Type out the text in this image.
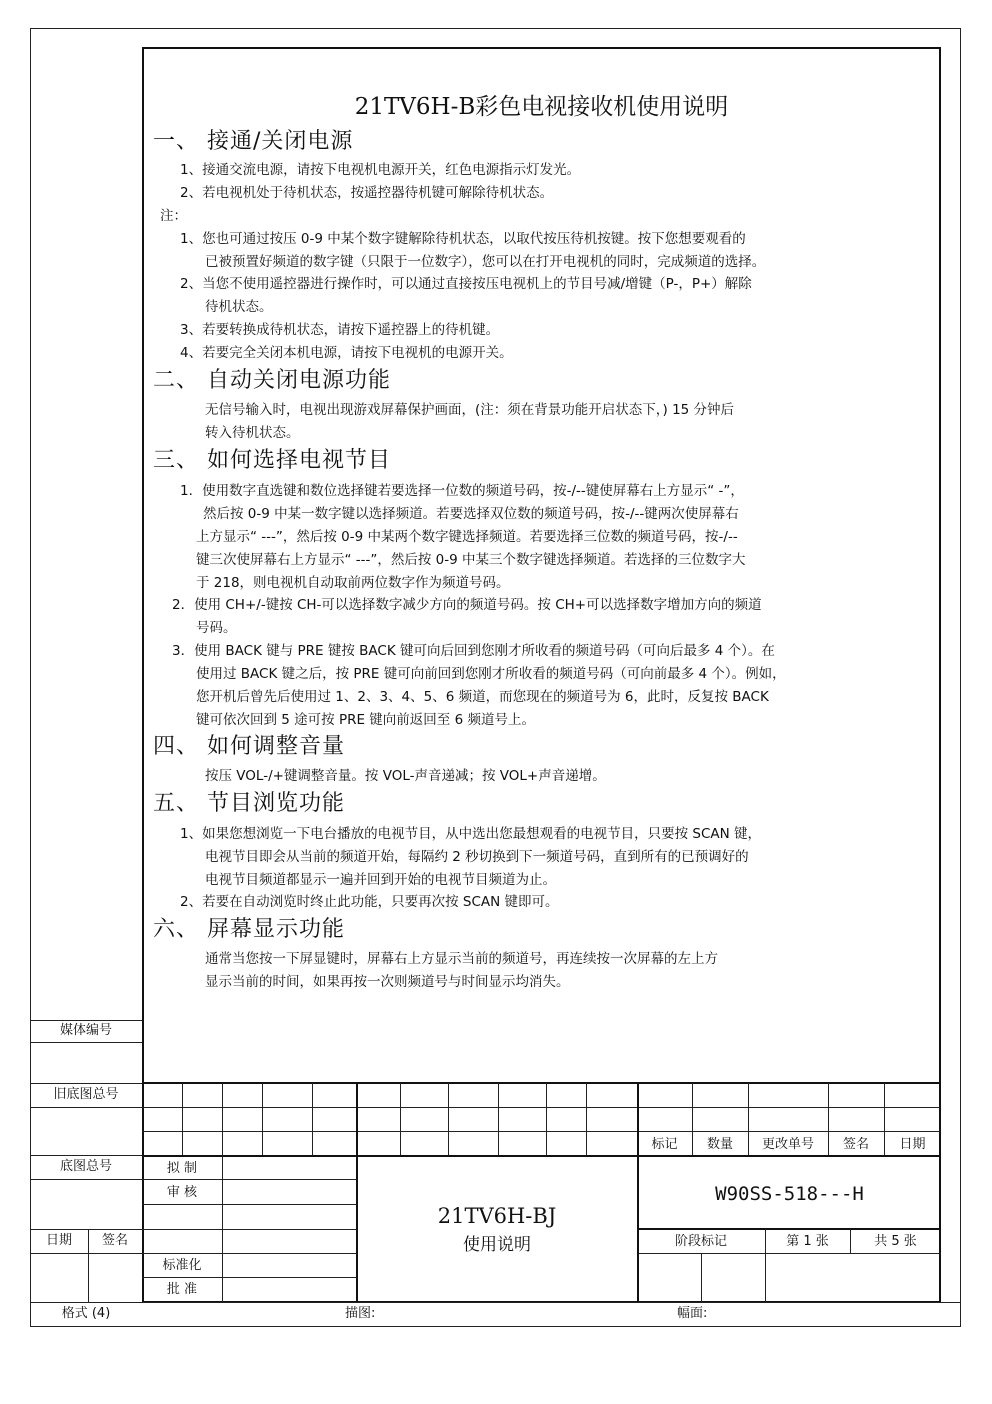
21TV6H-B彩色电视接收机使用说明
一、 接通/关闭电源
1、接通交流电源，请按下电视机电源开关，红色电源指示灯发光。
2、若电视机处于待机状态，按遥控器待机键可解除待机状态。
注：
1、您也可通过按压 0-9 中某个数字键解除待机状态，以取代按压待机按键。按下您想要观看的
已被预置好频道的数字键（只限于一位数字），您可以在打开电视机的同时，完成频道的选择。
2、当您不使用遥控器进行操作时，可以通过直接按压电视机上的节目号减/增键（P-，P+）解除
待机状态。
3、若要转换成待机状态，请按下遥控器上的待机键。
4、若要完全关闭本机电源，请按下电视机的电源开关。
二、 自动关闭电源功能
无信号输入时，电视出现游戏屏幕保护画面，(注：须在背景功能开启状态下，) 15 分钟后
转入待机状态。
三、 如何选择电视节目
1．使用数字直选键和数位选择键若要选择一位数的频道号码，按-/--键使屏幕右上方显示“ -”，
然后按 0-9 中某一数字键以选择频道。若要选择双位数的频道号码，按-/--键两次使屏幕右
上方显示“ ---”，然后按 0-9 中某两个数字键选择频道。若要选择三位数的频道号码，按-/--
键三次使屏幕右上方显示“ ---”，然后按 0-9 中某三个数字键选择频道。若选择的三位数字大
于 218，则电视机自动取前两位数字作为频道号码。
2．使用 CH+/-键按 CH-可以选择数字减少方向的频道号码。按 CH+可以选择数字增加方向的频道
号码。
3．使用 BACK 键与 PRE 键按 BACK 键可向后回到您刚才所收看的频道号码（可向后最多 4 个）。在
使用过 BACK 键之后，按 PRE 键可向前回到您刚才所收看的频道号码（可向前最多 4 个）。例如，
您开机后曾先后使用过 1、2、3、4、5、6 频道，而您现在的频道号为 6，此时，反复按 BACK
键可依次回到 5 途可按 PRE 键向前返回至 6 频道号上。
四、 如何调整音量
按压 VOL-/+键调整音量。按 VOL-声音递减；按 VOL+声音递增。
五、 节目浏览功能
1、如果您想浏览一下电台播放的电视节目，从中选出您最想观看的电视节目，只要按 SCAN 键，
电视节目即会从当前的频道开始，每隔约 2 秒切换到下一频道号码，直到所有的已预调好的
电视节目频道都显示一遍并回到开始的电视节目频道为止。
2、若要在自动浏览时终止此功能，只要再次按 SCAN 键即可。
六、 屏幕显示功能
通常当您按一下屏显键时，屏幕右上方显示当前的频道号，再连续按一次屏幕的左上方
显示当前的时间，如果再按一次则频道号与时间显示均消失。
媒体编号
旧底图总号
底图总号
日期	签名
格式 (4)
标记	数量	更改单号	签名	日期
拟 制
审 核
标准化
批 准
21TV6H-BJ
使用说明
W90SS-518---H
阶段标记	第 1 张	共 5 张
描图:	幅面:
